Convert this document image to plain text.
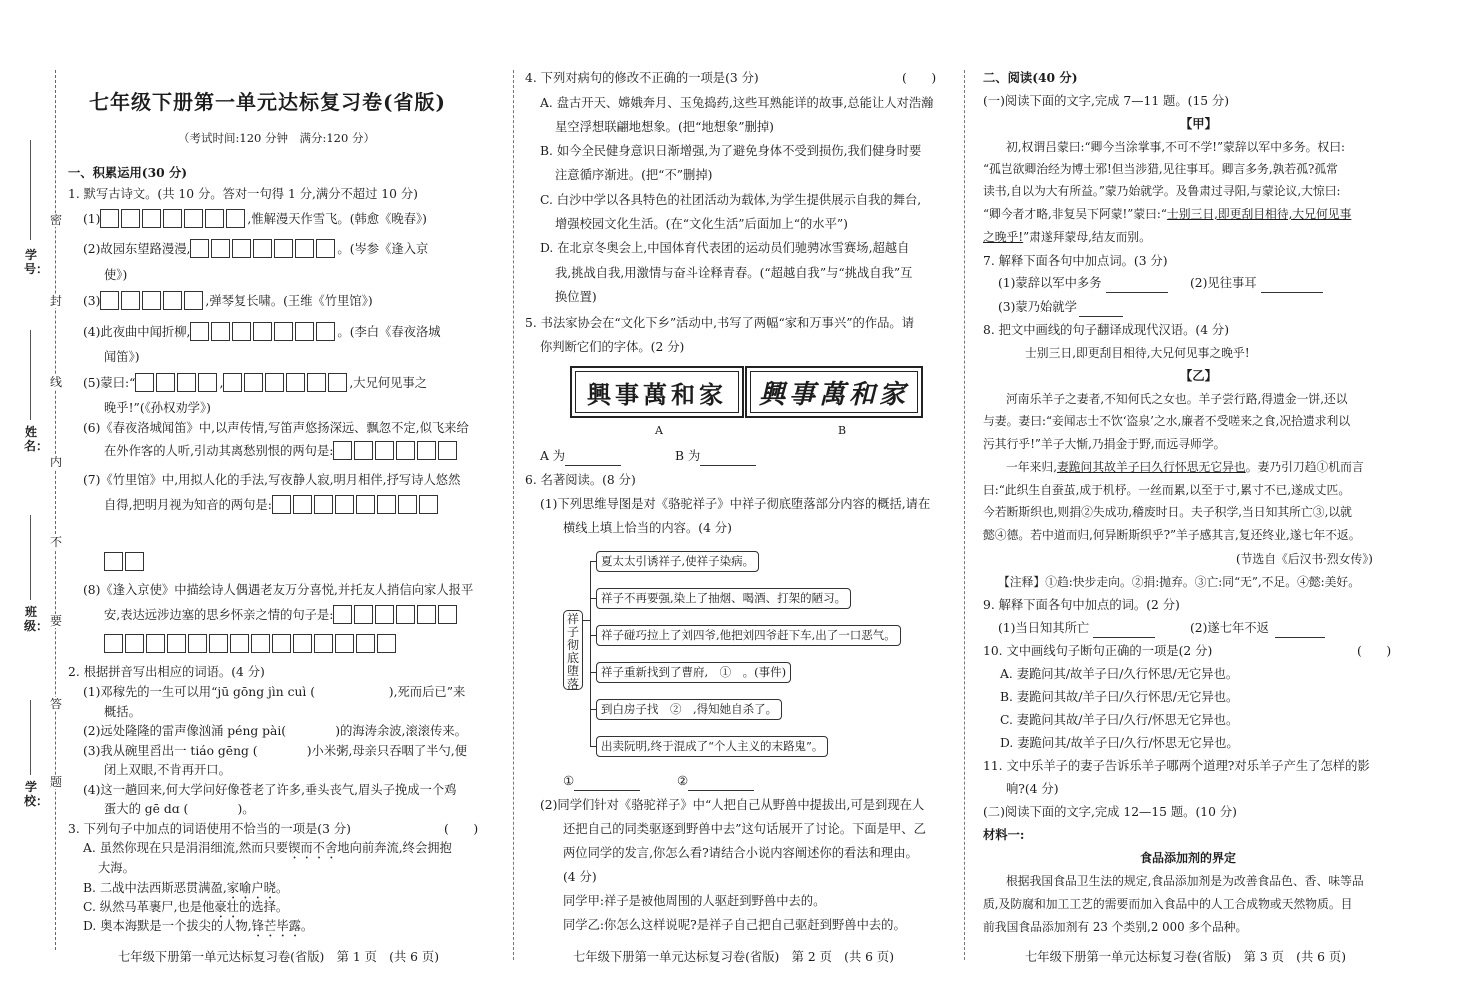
学号：
姓名：
班级：
学校：
密
封
线
内
不
要
答
题
七年级下册第一单元达标复习卷(省版)
（考试时间:120 分钟　满分:120 分）
一、积累运用(30 分)
1. 默写古诗文。(共 10 分。答对一句得 1 分,满分不超过 10 分)
(1)	,惟解漫天作雪飞。(韩愈《晚春》)
(2)故园东望路漫漫,	。(岑参《逢入京
使》)
(3)	,弹琴复长啸。(王维《竹里馆》)
(4)此夜曲中闻折柳,	。(李白《春夜洛城
闻笛》)
(5)蒙曰:“	,	,大兄何见事之
晚乎!”(《孙权劝学》)
(6)《春夜洛城闻笛》中,以声传情,写笛声悠扬深远、飘忽不定,似飞来给
在外作客的人听,引动其离愁别恨的两句是:
(7)《竹里馆》中,用拟人化的手法,写夜静人寂,明月相伴,抒写诗人悠然
自得,把明月视为知音的两句是:
(8)《逢入京使》中描绘诗人偶遇老友万分喜悦,并托友人捎信向家人报平
安,表达远涉边塞的思乡怀亲之情的句子是:
2. 根据拼音写出相应的词语。(4 分)
(1)邓稼先的一生可以用“jū gōng jìn cuì (　　　　　　),死而后已”来
概括。
(2)远处隆隆的雷声像汹涌 péng pài(　　　　)的海涛余波,滚滚传来。
(3)我从碗里舀出一 tiáo gēng (　　　　)小米粥,母亲只吞咽了半勺,便
闭上双眼,不肯再开口。
(4)这一趟回来,何大学问好像苍老了许多,垂头丧气,眉头子挽成一个鸡
蛋大的 gē dɑ (　　　　)。
3. 下列句子中加点的词语使用不恰当的一项是(3 分)	(　　)
A. 虽然你现在只是涓涓细流,然而只要锲而不舍地向前奔流,终会拥抱
大海。
B. 二战中法西斯恶贯满盈,家喻户晓。
C. 纵然马革裹尸,也是他豪壮的选择。
D. 奥本海默是一个拔尖的人物,锋芒毕露。
七年级下册第一单元达标复习卷(省版)　第 1 页　(共 6 页)
4. 下列对病句的修改不正确的一项是(3 分)	(　　)
A. 盘古开天、嫦娥奔月、玉兔捣药,这些耳熟能详的故事,总能让人对浩瀚
星空浮想联翩地想象。(把“地想象”删掉)
B. 如今全民健身意识日渐增强,为了避免身体不受到损伤,我们健身时要
注意循序渐进。(把“不”删掉)
C. 白沙中学以各具特色的社团活动为载体,为学生提供展示自我的舞台,
增强校园文化生活。(在“文化生活”后面加上“的水平”)
D. 在北京冬奥会上,中国体育代表团的运动员们驰骋冰雪赛场,超越自
我,挑战自我,用激情与奋斗诠释青春。(“超越自我”与“挑战自我”互
换位置)
5. 书法家协会在“文化下乡”活动中,书写了两幅“家和万事兴”的作品。请
你判断它们的字体。(2 分)
興事萬和家 興事萬和家
A	B
A 为	B 为
6. 名著阅读。(8 分)
(1)下列思维导图是对《骆驼祥子》中祥子彻底堕落部分内容的概括,请在
横线上填上恰当的内容。(4 分)
祥子彻底堕落
夏太太引诱祥子,使祥子染病。
祥子不再要强,染上了抽烟、喝酒、打架的陋习。
祥子碰巧拉上了刘四爷,他把刘四爷赶下车,出了一口恶气。
祥子重新找到了曹府,　①　。(事件)
到白房子找　②　,得知她自杀了。
出卖阮明,终于混成了“个人主义的末路鬼”。
①	②
(2)同学们针对《骆驼祥子》中“人把自己从野兽中提拔出,可是到现在人
还把自己的同类驱逐到野兽中去”这句话展开了讨论。下面是甲、乙
两位同学的发言,你怎么看?请结合小说内容阐述你的看法和理由。
(4 分)
同学甲:祥子是被他周围的人驱赶到野兽中去的。
同学乙:你怎么这样说呢?是祥子自己把自己驱赶到野兽中去的。
七年级下册第一单元达标复习卷(省版)　第 2 页　(共 6 页)
二、阅读(40 分)
(一)阅读下面的文字,完成 7—11 题。(15 分)
【甲】
初,权谓吕蒙曰:“卿今当涂掌事,不可不学!”蒙辞以军中多务。权曰:
“孤岂欲卿治经为博士邪!但当涉猎,见往事耳。卿言多务,孰若孤?孤常
读书,自以为大有所益。”蒙乃始就学。及鲁肃过寻阳,与蒙论议,大惊曰:
“卿今者才略,非复吴下阿蒙!”蒙曰:“士别三日,即更刮目相待,大兄何见事
之晚乎!”肃遂拜蒙母,结友而别。
7. 解释下面各句中加点词。(3 分)
(1)蒙辞以军中多务	(2)见往事耳
(3)蒙乃始就学
8. 把文中画线的句子翻译成现代汉语。(4 分)
士别三日,即更刮目相待,大兄何见事之晚乎!
【乙】
河南乐羊子之妻者,不知何氏之女也。羊子尝行路,得遗金一饼,还以
与妻。妻曰:“妾闻志士不饮‘盗泉’之水,廉者不受嗟来之食,况拾遗求利以
污其行乎!”羊子大惭,乃捐金于野,而远寻师学。
一年来归,妻跪问其故羊子曰久行怀思无它异也。妻乃引刀趋①机而言
曰:“此织生自蚕茧,成于机杼。一丝而累,以至于寸,累寸不已,遂成丈匹。
今若断斯织也,则捐②失成功,稽废时日。夫子积学,当日知其所亡③,以就
懿④德。若中道而归,何异断斯织乎?”羊子感其言,复还终业,遂七年不返。
(节选自《后汉书·烈女传》)
【注释】①趋:快步走向。②捐:抛弃。③亡:同“无”,不足。④懿:美好。
9. 解释下面各句中加点的词。(2 分)
(1)当日知其所亡	(2)遂七年不返
10. 文中画线句子断句正确的一项是(2 分)	(　　)
A. 妻跪问其/故羊子曰/久行怀思/无它异也。
B. 妻跪问其故/羊子曰/久行怀思/无它异也。
C. 妻跪问其故/羊子曰/久行/怀思无它异也。
D. 妻跪问其/故羊子曰/久行/怀思无它异也。
11. 文中乐羊子的妻子告诉乐羊子哪两个道理?对乐羊子产生了怎样的影
响?(4 分)
(二)阅读下面的文字,完成 12—15 题。(10 分)
材料一:
食品添加剂的界定
根据我国食品卫生法的规定,食品添加剂是为改善食品色、香、味等品
质,及防腐和加工工艺的需要而加入食品中的人工合成物或天然物质。目
前我国食品添加剂有 23 个类别,2 000 多个品种。
七年级下册第一单元达标复习卷(省版)　第 3 页　(共 6 页)
